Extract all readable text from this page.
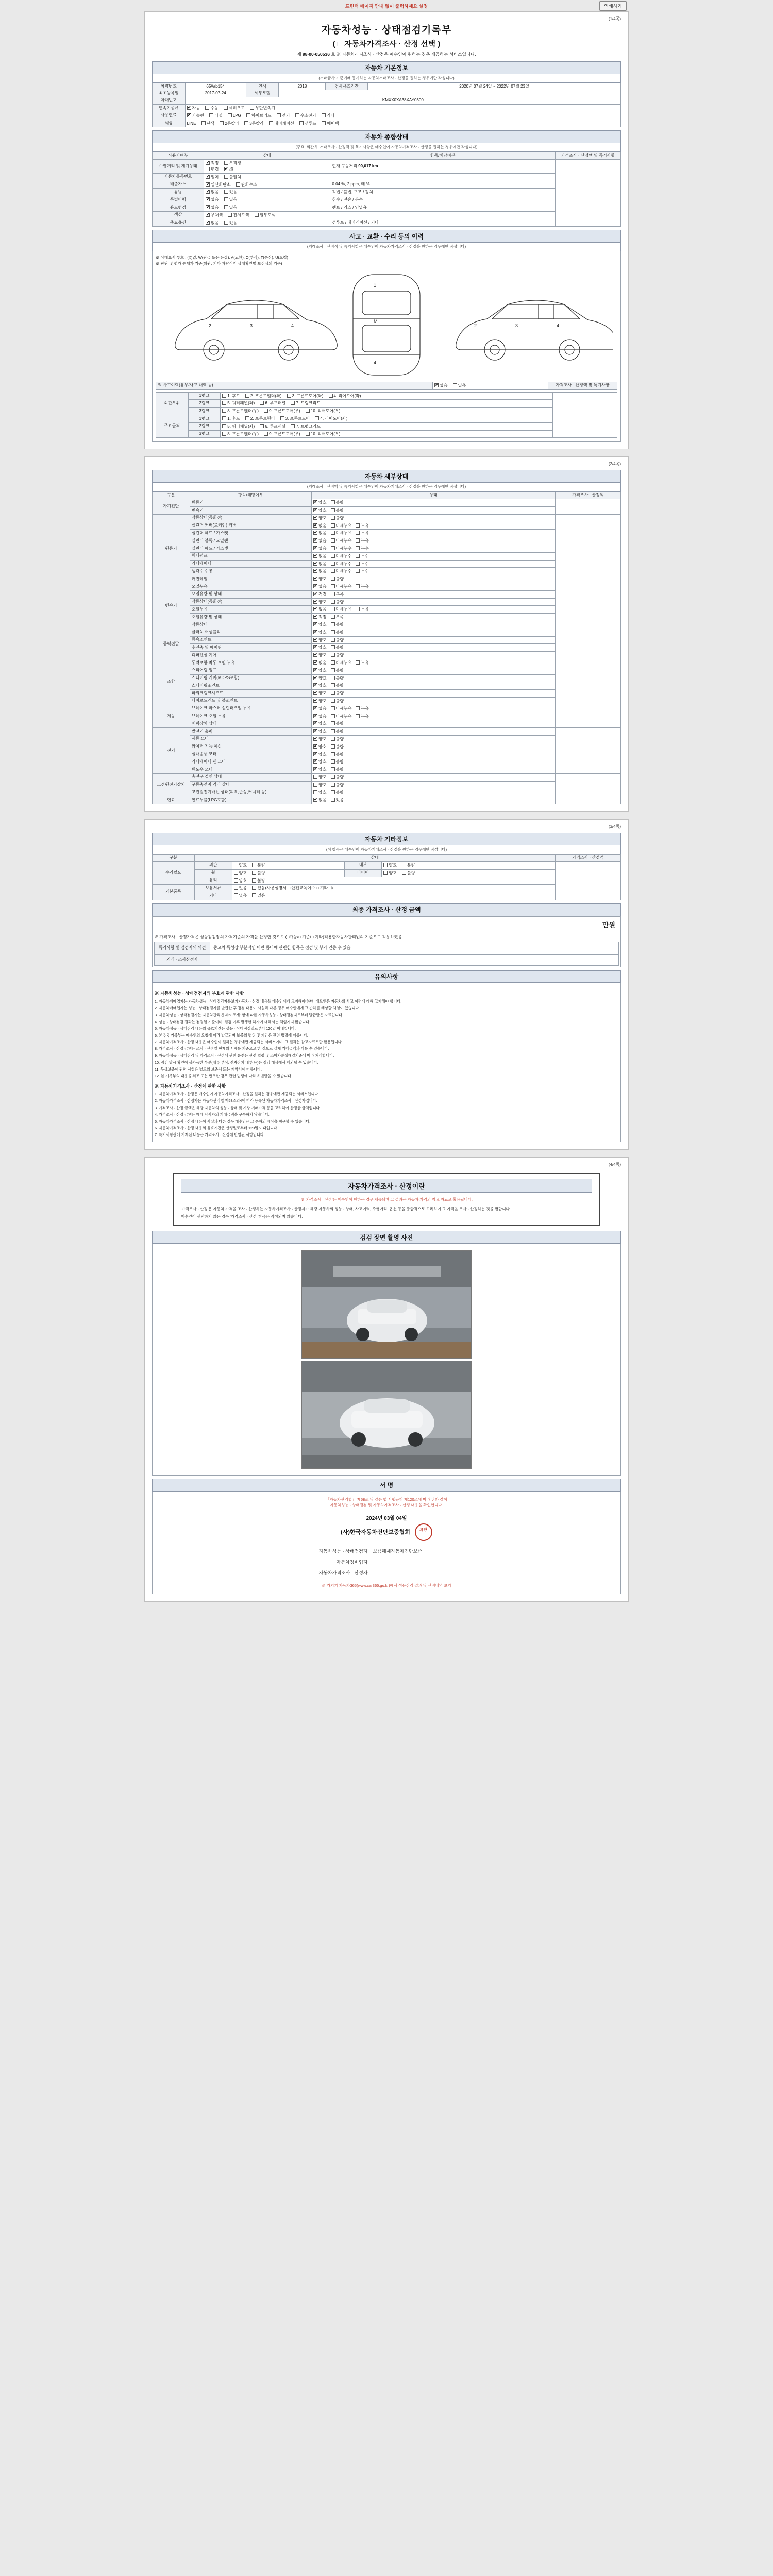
프린터 페이지 안내 없이 출력하세요 설정	인쇄하기
(1/4쪽)
자동차성능 · 상태점검기록부
( □ 자동차가격조사 · 산정 선택 )
제 98-00-050536 호 ※ 자동차라지조사 · 산정은 매수인이 원하는 경우 제공하는 서비스입니다.
자동차 기본정보
(거래금사 기준거래 등시하는 자동차거래조사 · 산정을 원하는 경우에만 작성니다)
차량번호	65/\ab154	연식	2018	검사유효기간	2020년 07월 24일 ~ 2022년 07월 23일
최초등록일	2017-07-24	세부모델			
차대번호	KMXX0XA38XAY0300				
변속기종류	✔자동 수동 세미오토 무단변속기
사용연료	✔가솔린 디젤 LPG 하이브리드 전기 수소전기 기타
색상	LINE 단색 2톤칼라 3톤칼라 내비게이션 선루프 에어백				
자동차 종합상태
(주요, 외관유, 거래조사 · 산정적 및 복기사항은 매수인이 자동차가격조사 · 산정을 원하는 경우에만 작성니다)
사용자여부	상태	항목/해당여부	가격조사 · 산정액 및 특기사항
수행거리 및 계기상태	✔적정 부적정
변경 ✔ 造	현재 구동거리 90,017 km	
자동차등록번호	✔일치 불일치	
배출가스	✔일산화탄소 탄화수소	0.04 %, 2 ppm, 매 %	
튜닝	✔없음 있음	적법 / 불법, 구조 / 장치	
특별이력	✔없음 있음	침수 / 전손 / 분손	
용도변경	✔없음 있음	렌트 / 리스 / 영업용	
색상	✔무채색 전체도색 일부도색	
주요옵션	✔없음 있음	선루프 / 내비게이션 / 기타	
사고 · 교환 · 수리 등의 이력
(거래조사 · 산정적 및 특기사항은 매수인이 자동차가격조사 · 산정을 원하는 경우에만 작성니다)
※ 상태표시 부호 : (X)없, W(판금 또는 용접), A(교환), C(부식), T(손상), U(요철)
※ 판단 및 평가 순세가 기준(외관, 기타 차량적인 상태확인별 보전상의 기준)
2	3	4
1
M
4
2	3	4
※ 사고이력(유무/사고·내역 등)	✔없음	있음	가격조사 · 산정액 및 특기사항
외판부위	1랭크	1. 후드 2. 프론트휀더(좌) 3. 프론트도어(좌) 4. 리어도어(좌)	
	2랭크	5. 쿼터패널(좌) 6. 루프패널 7. 트렁크리드	
	3랭크	8. 프론트휀더(우) 9. 프론트도어(우) 10. 리어도어(우)	
주요골격	1랭크	1. 후드 2. 프론트휀더 3. 프론트도어 4. 리어도어(좌)	
	2랭크	5. 쿼터패널(좌) 6. 루프패널 7. 트렁크리드	
	3랭크	8. 프론트휀더(우) 9. 프론트도어(우) 10. 리어도어(우)	
(2/4쪽)
자동차 세부상태
(거래조사 · 산정액 및 특기사항은 매수인이 자동차거래조사 · 산정을 원하는 경우에만 작성니다)
구분	항목/해당여부	상태	가격조사 · 산정액
자기진단	원동기	✔양호 불량	
	변속기	✔양호 불량
원동기	작동상태(공회전)	✔양호 불량	
	실린더 커버(로커암) 커버	✔없음 미세누유 누유
	실린더 헤드 / 가스켓	✔없음 미세누유 누유
	실린더 블록 / 오일팬	✔없음 미세누유 누유
	실린더 헤드 / 가스켓	✔없음 미세누수 누수
	워터펌프	✔없음 미세누수 누수
	라디에이터	✔없음 미세누수 누수
	냉각수 수봉	✔없음 미세누수 누수
	커먼레일	✔양호 불량
변속기	오일누유	✔없음 미세누유 누유	
	오일유량 및 상태	✔적정 부족
	작동상태(공회전)	✔양호 불량
	오일누유	✔없음 미세누유 누유
	오일유량 및 상태	✔적정 부족
	작동상태	✔양호 불량
동력전달	클러치 어셈블리	✔양호 불량	
	등속조인트	✔양호 불량
	추진축 및 베어링	✔양호 불량
	디퍼렌셜 기어	✔양호 불량
조향	동력조향 작동 오일 누유	✔없음 미세누유 누유	
	스티어링 펌프	✔양호 불량
	스티어링 기어(MDPS포함)	✔양호 불량
	스티어링조인트	✔양호 불량
	파워크랭크샤프트	✔양호 불량
	타이로드엔드 및 볼조인트	✔양호 불량
제동	브레이크 마스터 실린더오일 누유	✔없음 미세누유 누유	
	브레이크 오일 누유	✔없음 미세누유 누유
	배력장치 상태	✔양호 불량
전기	발전기 출력	✔양호 불량	
	시동 모터	✔양호 불량
	와이퍼 기능 이상	✔양호 불량
	실내송풍 모터	✔양호 불량
	라디에이터 팬 모터	✔양호 불량
	윈도우 모터	✔양호 불량
고전원전기장치	충전구 절연 상태	양호 불량	
	구동축전지 격리 상태	양호 불량	
	고전원전기배선 상태(피복,손상,커넥터 등)	양호 불량	
연료	연료누출(LPG포함)	✔없음 있음	
(3/4쪽)
자동차 기타정보
(이 항목은 매수인이 자동차거래조사 · 산정을 원하는 경우에만 작성니다)
구분	상태				가격조사 · 산정액
수리필요	외판	양호 불량	내부	양호 불량	
	휠	양호 불량	타이어	양호 불량	
	유리	양호 불량			
기본품목	보유서류	없음 있음(사용설명서 □ 안전교육이수 □ 기타 □)			
	기타	없음 있음			
최종 가격조사 · 산정 금액
만원
※ 가격조사 · 산정가격은 성능점검장의 가격기준의 가격을 산정한 것으로 (□가능/□ 기준/□ 기타)적용한자동차관리법의 기준으로 적용하였음

특기사항 및 점검자의 의견	중고차 특성상 부분적인 미관 콤마에 관련한 항목은 점검 및 부가 인증 수 있음.
거래 · 조사산정자	
유의사항
※ 자동차성능 · 상태점검자의 부호에 관한 사항

1. 자동차매매업자는 자동차성능 · 상태점검자를보기자동차 · 산정 내용을 매수인에게 고지해야 하며, 매도인은 자동차의 사고 이력에 대해 고지해야 합니다.

2. 자동차매매업자는 성능 · 상태점검자를 발급한 후 점검 내용이 사실과 다른 경우 매수인에게 그 손해를 배상할 책임이 있습니다.

3. 자동차성능 · 상태점검자는 자동차관리법 제58조제1항에 따른 자동차성능 · 상태점검자로부터 발급받은 자료입니다.

4. 성능 · 상태점검 결과는 점검일 기준이며, 점검 이후 발생한 하자에 대해서는 책임지지 않습니다.

5. 자동차성능 · 상태점검 내용의 유효기간은 성능 · 상태점검일로부터 120일 이내입니다.

6. 본 점검기록부는 매수인의 요청에 따라 발급되며 보증의 범위 및 기간은 관련 법령에 따릅니다.

7. 자동차가격조사 · 산정 내용은 매수인이 원하는 경우에만 제공되는 서비스이며, 그 결과는 참고자료로만 활용됩니다.

8. 가격조사 · 산정 금액은 조사 · 산정일 현재의 시세를 기준으로 한 것으로 실제 거래금액과 다를 수 있습니다.

9. 자동차성능 · 상태점검 및 가격조사 · 산정에 관한 분쟁은 관련 법령 및 소비자분쟁해결기준에 따라 처리합니다.

10. 점검 당시 확인이 불가능한 부분(내부 부식, 전자장치 내부 등)은 점검 대상에서 제외될 수 있습니다.

11. 무상보증에 관한 사항은 별도의 보증서 또는 계약서에 따릅니다.

12. 본 기록부의 내용을 위조 또는 변조한 경우 관련 법령에 따라 처벌받을 수 있습니다.

※ 자동차가격조사 · 산정에 관한 사항

1. 자동차가격조사 · 산정은 매수인이 자동차가격조사 · 산정을 원하는 경우에만 제공되는 서비스입니다.

2. 자동차가격조사 · 산정자는 자동차관리법 제58조의4에 따라 등록된 자동차가격조사 · 산정자입니다.

3. 가격조사 · 산정 금액은 해당 자동차의 성능 · 상태 및 시장 거래가격 등을 고려하여 산정한 금액입니다.

4. 가격조사 · 산정 금액은 매매 당사자의 거래금액을 구속하지 않습니다.

5. 자동차가격조사 · 산정 내용이 사실과 다른 경우 매수인은 그 손해의 배상을 청구할 수 있습니다.

6. 자동차가격조사 · 산정 내용의 유효기간은 산정일로부터 120일 이내입니다.

7. 특기사항란에 기재된 내용은 가격조사 · 산정에 반영된 사항입니다.

(4/4쪽)
자동차가격조사 · 산정이란
※ '가격조사 · 산정'은 매수인이 원하는 경우 제공되며 그 결과는 자동차 가격의 참고 자료로 활용됩니다.
'가격조사 · 산정'은 자동차 가격을 조사 · 산정하는 자동차가격조사 · 산정자가 해당 자동차의 성능 · 상태, 사고이력, 주행거리, 옵션 등을 종합적으로 고려하여 그 가격을 조사 · 산정하는 것을 말합니다.
매수인이 선택하지 않는 경우 '가격조사 · 산정' 항목은 작성되지 않습니다.
검검 장면 촬영 사진
서 명
「자동차관리법」 제58조 및 같은 법 시행규칙 제120조에 따라 위와 같이
자동차성능 · 상태점검 및 자동차가격조사 · 산정 내용을 확인합니다.
2024년 03월 04일
(사)한국자동차진단보증협회 직인
자동차성능 · 상태점검자	보증해제자동차진단보증
자동차정비업자	
자동차가격조사 · 산정자	
※ 가기기 자동차365(www.car365.go.kr)에서 성능점검 결과 및 산정내역 보기
